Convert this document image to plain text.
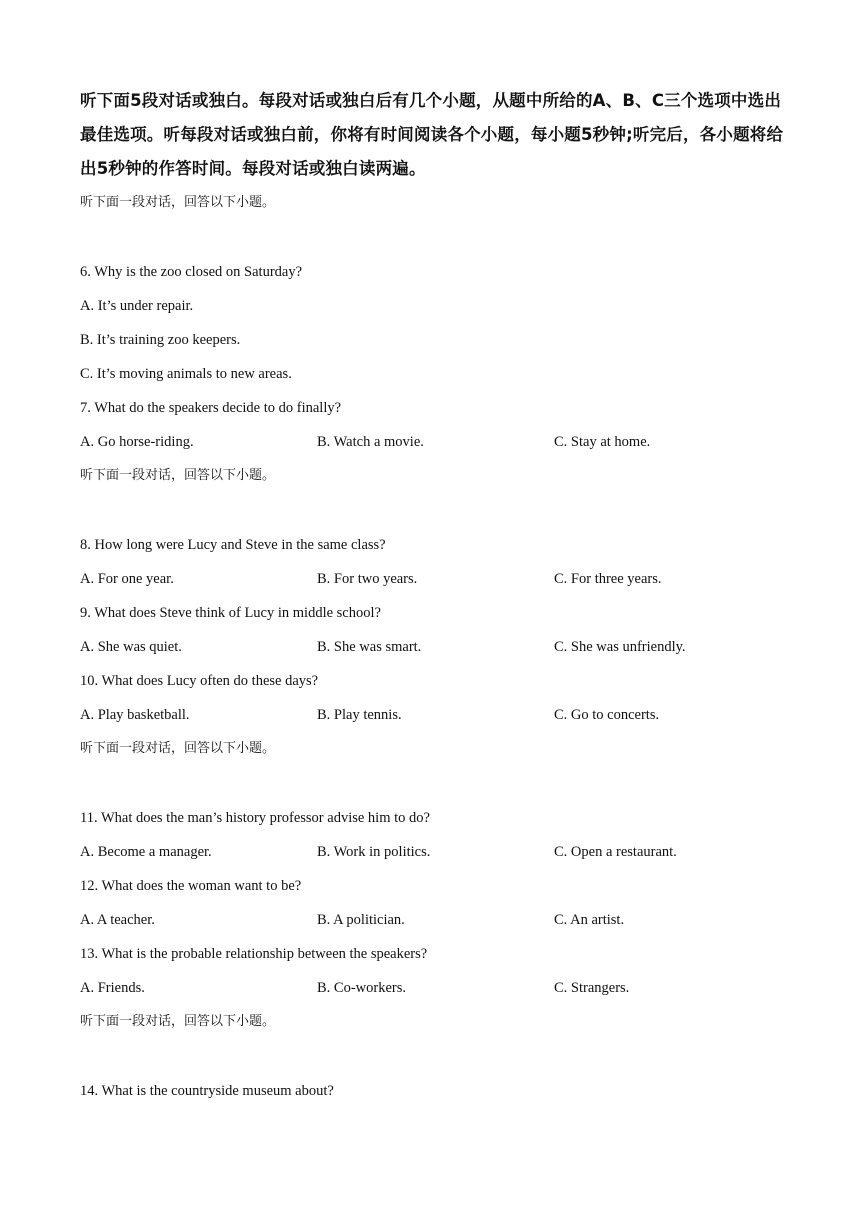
听下面5段对话或独白。每段对话或独白后有几个小题，从题中所给的A、B、C三个选项中选出最佳选项。听每段对话或独白前，你将有时间阅读各个小题，每小题5秒钟;听完后，各小题将给出5秒钟的作答时间。每段对话或独白读两遍。

听下面一段对话，回答以下小题。

6. Why is the zoo closed on Saturday?

A. It’s under repair.

B. It’s training zoo keepers.

C. It’s moving animals to new areas.

7. What do the speakers decide to do finally?

A. Go horse-riding.	B. Watch a movie.	C. Stay at home.

听下面一段对话，回答以下小题。

8. How long were Lucy and Steve in the same class?

A. For one year.	B. For two years.	C. For three years.

9. What does Steve think of Lucy in middle school?

A. She was quiet.	B. She was smart.	C. She was unfriendly.

10. What does Lucy often do these days?

A. Play basketball.	B. Play tennis.	C. Go to concerts.

听下面一段对话，回答以下小题。

11. What does the man’s history professor advise him to do?

A. Become a manager.	B. Work in politics.	C. Open a restaurant.

12. What does the woman want to be?

A. A teacher.	B. A politician.	C. An artist.

13. What is the probable relationship between the speakers?

A. Friends.	B. Co-workers.	C. Strangers.

听下面一段对话，回答以下小题。

14. What is the countryside museum about?
